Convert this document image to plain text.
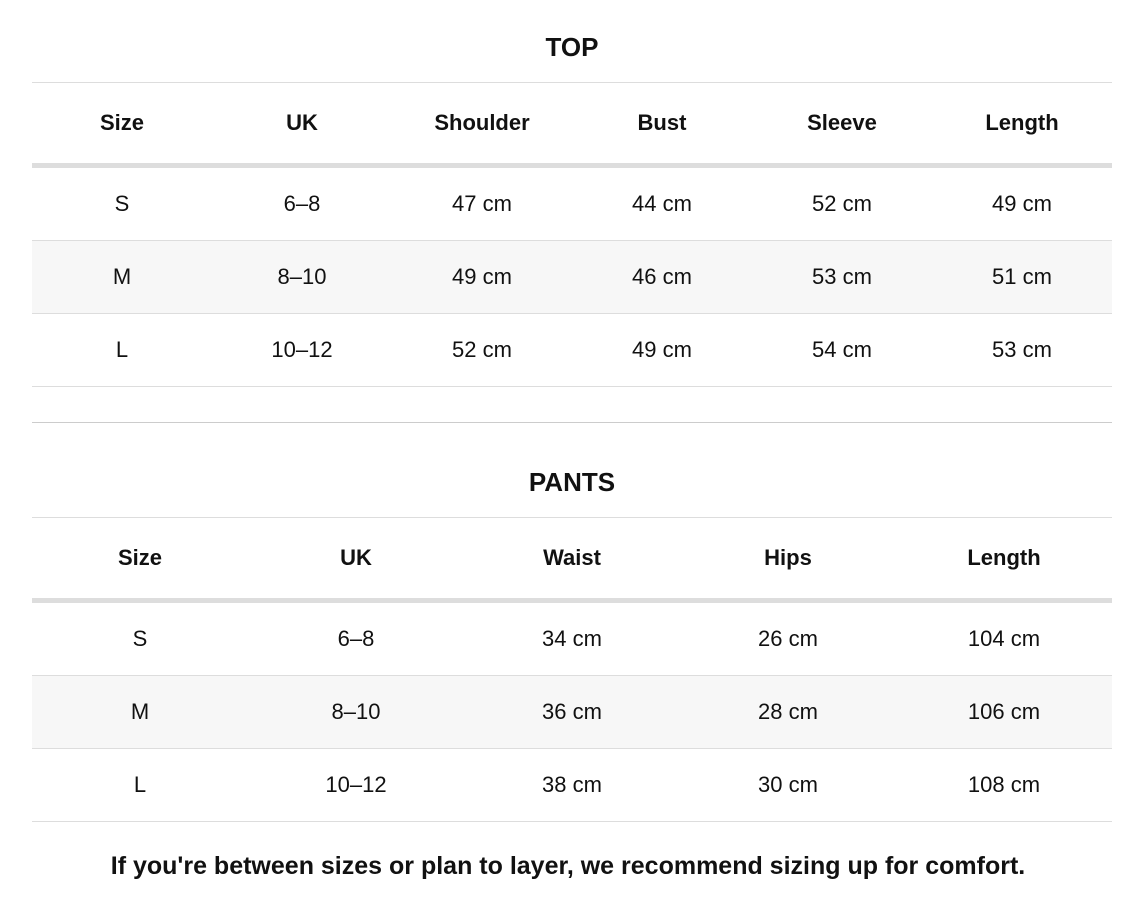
TOP
Size	UK	Shoulder	Bust	Sleeve	Length
S	6–8	47 cm	44 cm	52 cm	49 cm
M	8–10	49 cm	46 cm	53 cm	51 cm
L	10–12	52 cm	49 cm	54 cm	53 cm
PANTS
Size	UK	Waist	Hips	Length
S	6–8	34 cm	26 cm	104 cm
M	8–10	36 cm	28 cm	106 cm
L	10–12	38 cm	30 cm	108 cm
If you're between sizes or plan to layer, we recommend sizing up for comfort.
